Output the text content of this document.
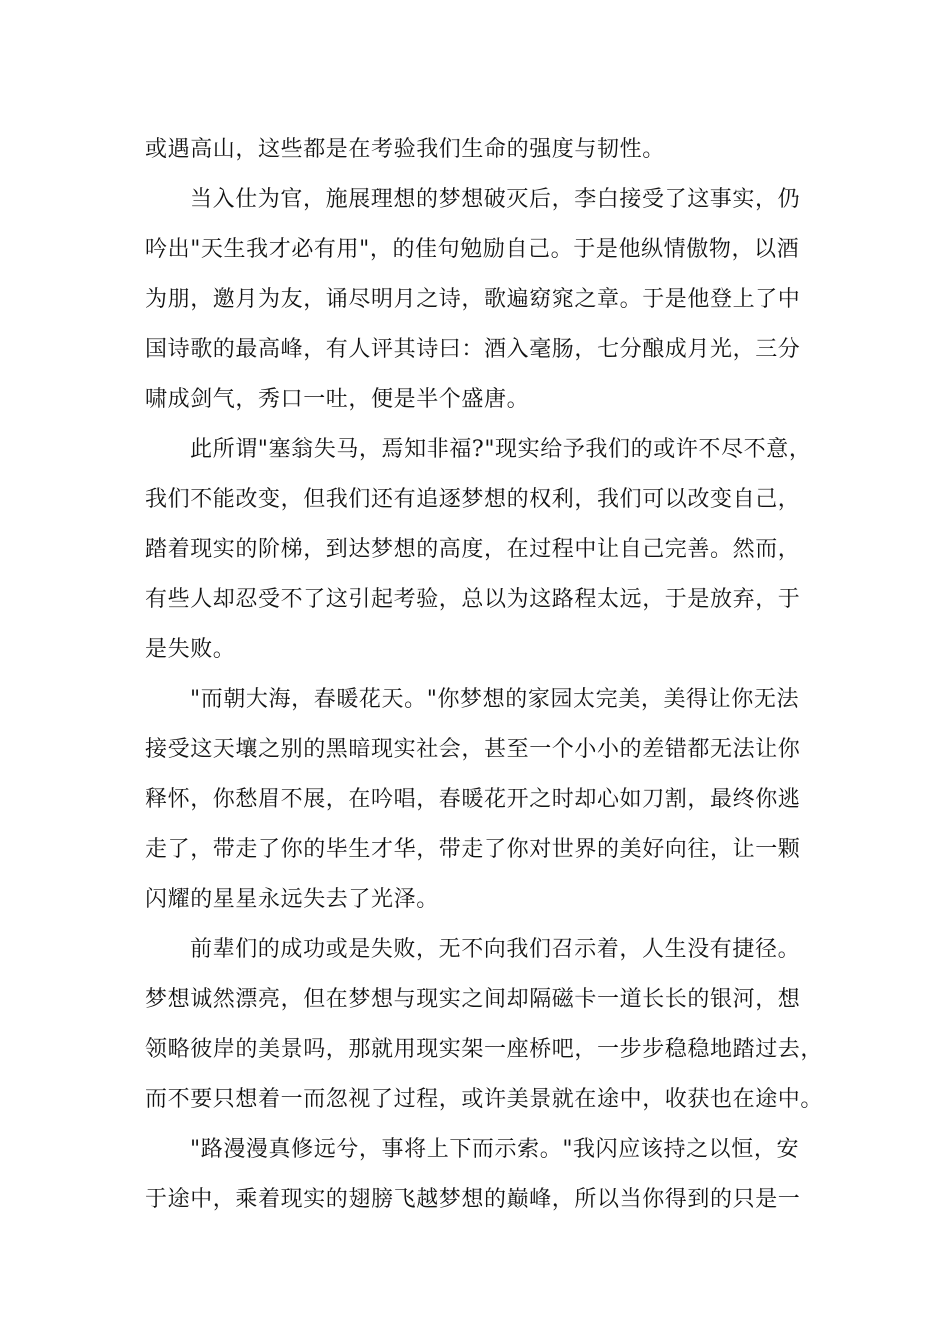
或遇高山，这些都是在考验我们生命的强度与韧性。
当入仕为官，施展理想的梦想破灭后，李白接受了这事实，仍
吟出"天生我才必有用"，的佳句勉励自己。于是他纵情傲物，以酒
为朋，邀月为友，诵尽明月之诗，歌遍窈窕之章。于是他登上了中
国诗歌的最高峰，有人评其诗曰：酒入毫肠，七分酿成月光，三分
啸成剑气，秀口一吐，便是半个盛唐。
此所谓"塞翁失马，焉知非福?"现实给予我们的或许不尽不意，
我们不能改变，但我们还有追逐梦想的权利，我们可以改变自己，
踏着现实的阶梯，到达梦想的高度，在过程中让自己完善。然而，
有些人却忍受不了这引起考验，总以为这路程太远，于是放弃，于
是失败。
"而朝大海，春暖花天。"你梦想的家园太完美，美得让你无法
接受这天壤之别的黑暗现实社会，甚至一个小小的差错都无法让你
释怀，你愁眉不展，在吟唱，春暖花开之时却心如刀割，最终你逃
走了，带走了你的毕生才华，带走了你对世界的美好向往，让一颗
闪耀的星星永远失去了光泽。
前辈们的成功或是失败，无不向我们召示着，人生没有捷径。
梦想诚然漂亮，但在梦想与现实之间却隔磁卡一道长长的银河，想
领略彼岸的美景吗，那就用现实架一座桥吧，一步步稳稳地踏过去，
而不要只想着一而忽视了过程，或许美景就在途中，收获也在途中。
"路漫漫真修远兮，事将上下而示索。"我闪应该持之以恒，安
于途中，乘着现实的翅膀飞越梦想的巅峰，所以当你得到的只是一
